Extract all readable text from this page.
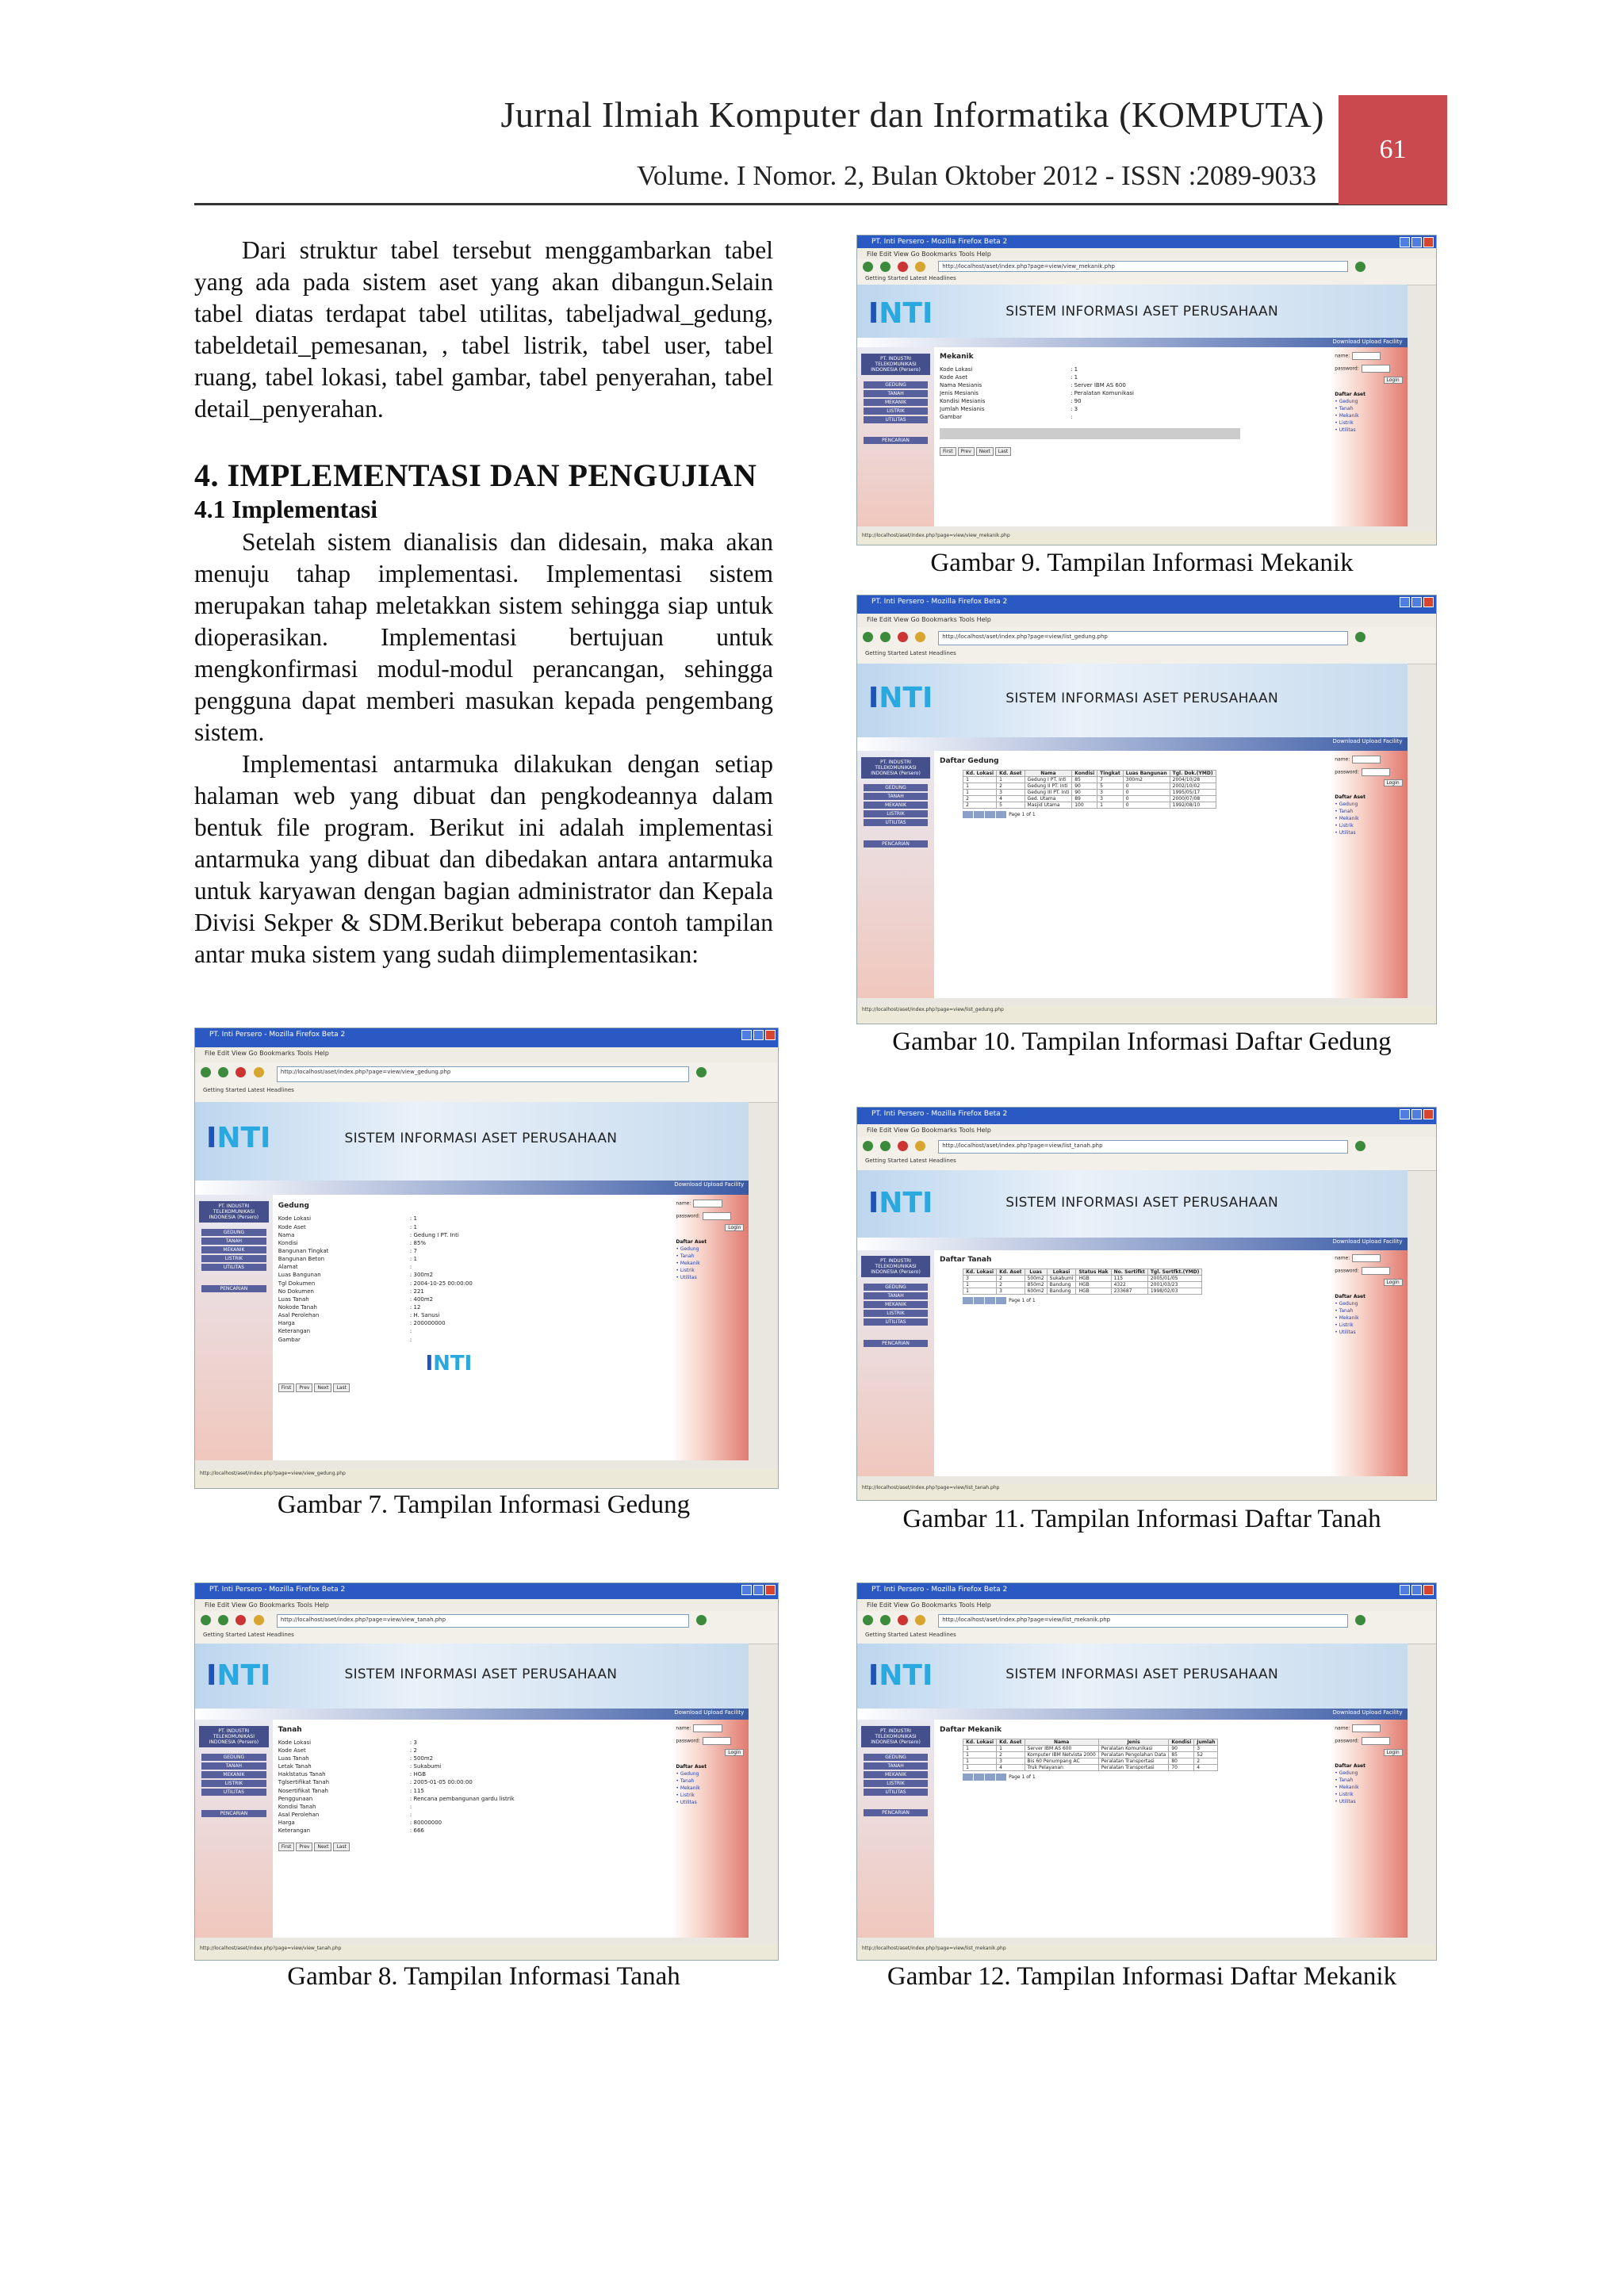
Jurnal Ilmiah Komputer dan Informatika (KOMPUTA)
Volume. I Nomor. 2, Bulan Oktober 2012 - ISSN :2089-9033
61

Dari struktur tabel tersebut menggambarkan tabel yang ada pada sistem aset yang akan dibangun.Selain tabel diatas terdapat tabel utilitas, tabeljadwal_gedung, tabeldetail_pemesanan, , tabel listrik, tabel user, tabel ruang, tabel lokasi, tabel gambar, tabel penyerahan, tabel detail_penyerahan.

4. IMPLEMENTASI DAN PENGUJIAN
4.1 Implementasi

Setelah sistem dianalisis dan didesain, maka akan menuju tahap implementasi. Implementasi sistem merupakan tahap meletakkan sistem sehingga siap untuk dioperasikan. Implementasi bertujuan untuk mengkonfirmasi modul-modul perancangan, sehingga pengguna dapat memberi masukan kepada pengembang sistem.

Implementasi antarmuka dilakukan dengan setiap halaman web yang dibuat dan pengkodeannya dalam bentuk file program. Berikut ini adalah implementasi antarmuka yang dibuat dan dibedakan antara antarmuka untuk karyawan dengan bagian administrator dan Kepala Divisi Sekper & SDM.Berikut beberapa contoh tampilan antar muka sistem yang sudah diimplementasikan:

PT. Inti Persero - Mozilla Firefox Beta 2
File Edit View Go Bookmarks Tools Help
http://localhost/aset/index.php?page=view/view_mekanik.php
Getting Started Latest Headlines
INTI	SISTEM INFORMASI ASET PERUSAHAAN
Download Upload Facility
PT. INDUSTRI TELEKOMUNIKASI INDONESIA (Persero)
GEDUNG
TANAH
MEKANIK
LISTRIK
UTILITAS
PENCARIAN
Mekanik
Kode Lokasi	: 1
Kode Aset	: 1
Nama Mesianis	: Server IBM AS 600
Jenis Mesianis	: Peralatan Komunikasi
Kondisi Mesianis	: 90
Jumlah Mesianis	: 3
Gambar	:
First Prev Next Last
name:
password:
Login
Daftar Aset
• Gedung
• Tanah
• Mekanik
• Listrik
• Utilitas
http://localhost/aset/index.php?page=view/view_mekanik.php
PT. Inti Persero - Mozilla Firefox Beta 2
File Edit View Go Bookmarks Tools Help
http://localhost/aset/index.php?page=view/list_gedung.php
Getting Started Latest Headlines
INTI	SISTEM INFORMASI ASET PERUSAHAAN
Download Upload Facility
PT. INDUSTRI TELEKOMUNIKASI INDONESIA (Persero)
GEDUNG
TANAH
MEKANIK
LISTRIK
UTILITAS
PENCARIAN
Daftar Gedung
Kd. Lokasi	Kd. Aset	Nama	Kondisi	Tingkat	Luas Bangunan	Tgl. Dok.(YMD)
1	1	Gedung I PT. Inti	85	7	300m2	2004/10/28
1	2	Gedung II PT. Inti	90	5	0	2002/10/02
1	3	Gedung III PT. Inti	90	3	0	1995/05/17
2	4	Ged. Utama	89	3	0	2000/07/08
2	5	Masjid Utama	100	1	0	1992/08/10
Page 1 of 1
name:
password:
Login
Daftar Aset
• Gedung
• Tanah
• Mekanik
• Listrik
• Utilitas
http://localhost/aset/index.php?page=view/list_gedung.php
PT. Inti Persero - Mozilla Firefox Beta 2
File Edit View Go Bookmarks Tools Help
http://localhost/aset/index.php?page=view/view_gedung.php
Getting Started Latest Headlines
INTI	SISTEM INFORMASI ASET PERUSAHAAN
Download Upload Facility
PT. INDUSTRI TELEKOMUNIKASI INDONESIA (Persero)
GEDUNG
TANAH
MEKANIK
LISTRIK
UTILITAS
PENCARIAN
Gedung
Kode Lokasi	: 1
Kode Aset	: 1
Nama	: Gedung I PT. Inti
Kondisi	: 85%
Bangunan Tingkat	: 7
Bangunan Beton	: 1
Alamat	:
Luas Bangunan	: 300m2
Tgl Dokumen	: 2004-10-25 00:00:00
No Dokumen	: 221
Luas Tanah	: 400m2
Nokode Tanah	: 12
Asal Perolehan	: H. Sanusi
Harga	: 200000000
Keterangan	:
Gambar	:
INTI
First Prev Next Last
name:
password:
Login
Daftar Aset
• Gedung
• Tanah
• Mekanik
• Listrik
• Utilitas
http://localhost/aset/index.php?page=view/view_gedung.php
PT. Inti Persero - Mozilla Firefox Beta 2
File Edit View Go Bookmarks Tools Help
http://localhost/aset/index.php?page=view/list_tanah.php
Getting Started Latest Headlines
INTI	SISTEM INFORMASI ASET PERUSAHAAN
Download Upload Facility
PT. INDUSTRI TELEKOMUNIKASI INDONESIA (Persero)
GEDUNG
TANAH
MEKANIK
LISTRIK
UTILITAS
PENCARIAN
Daftar Tanah
Kd. Lokasi	Kd. Aset	Luas	Lokasi	Status Hak	No. Sertifkt	Tgl. Sertfkt.(YMD)
3	2	500m2	Sukabumi	HGB	115	2005/01/05
1	2	850m2	Bandung	HGB	4322	2001/03/23
1	3	600m2	Bandung	HGB	233687	1998/02/03
Page 1 of 1
name:
password:
Login
Daftar Aset
• Gedung
• Tanah
• Mekanik
• Listrik
• Utilitas
http://localhost/aset/index.php?page=view/list_tanah.php
PT. Inti Persero - Mozilla Firefox Beta 2
File Edit View Go Bookmarks Tools Help
http://localhost/aset/index.php?page=view/view_tanah.php
Getting Started Latest Headlines
INTI	SISTEM INFORMASI ASET PERUSAHAAN
Download Upload Facility
PT. INDUSTRI TELEKOMUNIKASI INDONESIA (Persero)
GEDUNG
TANAH
MEKANIK
LISTRIK
UTILITAS
PENCARIAN
Tanah
Kode Lokasi	: 3
Kode Aset	: 2
Luas Tanah	: 500m2
Letak Tanah	: Sukabumi
Haklstatus Tanah	: HGB
Tglsertifikat Tanah	: 2005-01-05 00:00:00
Nosertifikat Tanah	: 115
Penggunaan	: Rencana pembangunan gardu listrik
Kondisi Tanah	:
Asal Perolehan	:
Harga	: 80000000
Keterangan	: 666
First Prev Next Last
name:
password:
Login
Daftar Aset
• Gedung
• Tanah
• Mekanik
• Listrik
• Utilitas
http://localhost/aset/index.php?page=view/view_tanah.php
PT. Inti Persero - Mozilla Firefox Beta 2
File Edit View Go Bookmarks Tools Help
http://localhost/aset/index.php?page=view/list_mekanik.php
Getting Started Latest Headlines
INTI	SISTEM INFORMASI ASET PERUSAHAAN
Download Upload Facility
PT. INDUSTRI TELEKOMUNIKASI INDONESIA (Persero)
GEDUNG
TANAH
MEKANIK
LISTRIK
UTILITAS
PENCARIAN
Daftar Mekanik
Kd. Lokasi	Kd. Aset	Nama	Jenis	Kondisi	Jumlah
1	1	Server IBM AS 600	Peralatan Komunikasi	90	3
1	2	Komputer IBM Netvista 2000	Peralatan Pengolahan Data	85	52
1	3	Bis 60 Penumpang AC	Peralatan Transportasi	80	2
1	4	Truk Pelayanan	Peralatan Transportasi	70	4
Page 1 of 1
name:
password:
Login
Daftar Aset
• Gedung
• Tanah
• Mekanik
• Listrik
• Utilitas
http://localhost/aset/index.php?page=view/list_mekanik.php
Gambar 9. Tampilan Informasi Mekanik
Gambar 10. Tampilan Informasi Daftar Gedung
Gambar 7. Tampilan Informasi Gedung	Gambar 11. Tampilan Informasi Daftar Tanah
Gambar 8. Tampilan Informasi Tanah	Gambar 12. Tampilan Informasi Daftar Mekanik
